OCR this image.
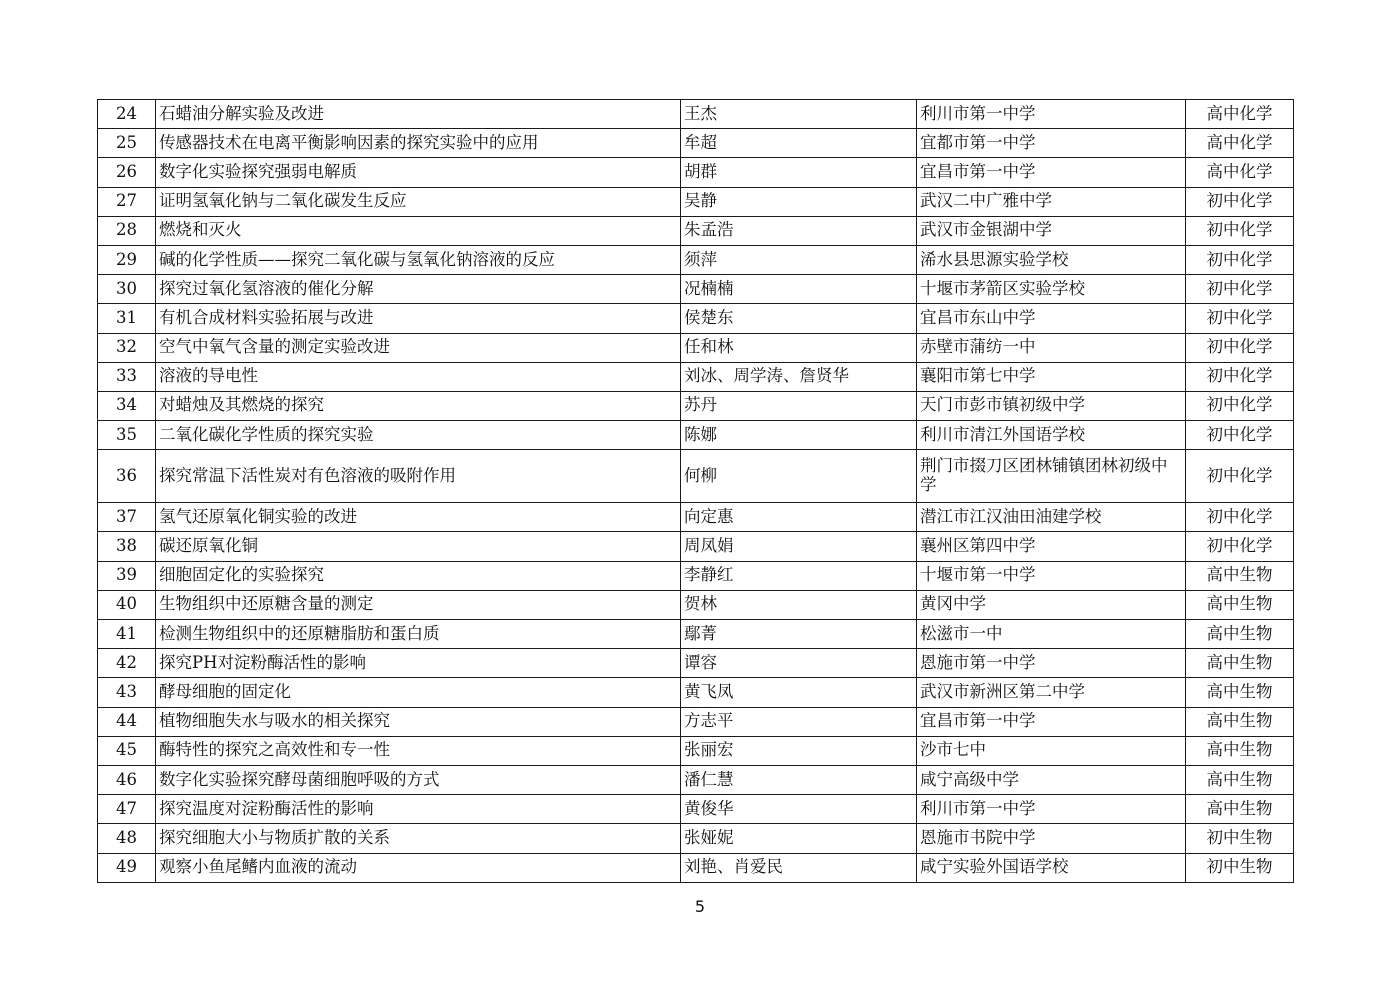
24	石蜡油分解实验及改进	王杰	利川市第一中学	高中化学
25	传感器技术在电离平衡影响因素的探究实验中的应用	牟超	宜都市第一中学	高中化学
26	数字化实验探究强弱电解质	胡群	宜昌市第一中学	高中化学
27	证明氢氧化钠与二氧化碳发生反应	吴静	武汉二中广雅中学	初中化学
28	燃烧和灭火	朱孟浩	武汉市金银湖中学	初中化学
29	碱的化学性质——探究二氧化碳与氢氧化钠溶液的反应	须萍	浠水县思源实验学校	初中化学
30	探究过氧化氢溶液的催化分解	况楠楠	十堰市茅箭区实验学校	初中化学
31	有机合成材料实验拓展与改进	侯楚东	宜昌市东山中学	初中化学
32	空气中氧气含量的测定实验改进	任和林	赤壁市蒲纺一中	初中化学
33	溶液的导电性	刘冰、周学涛、詹贤华	襄阳市第七中学	初中化学
34	对蜡烛及其燃烧的探究	苏丹	天门市彭市镇初级中学	初中化学
35	二氧化碳化学性质的探究实验	陈娜	利川市清江外国语学校	初中化学
36	探究常温下活性炭对有色溶液的吸附作用	何柳	荆门市掇刀区团林铺镇团林初级中学	初中化学
37	氢气还原氧化铜实验的改进	向定惠	潜江市江汉油田油建学校	初中化学
38	碳还原氧化铜	周凤娟	襄州区第四中学	初中化学
39	细胞固定化的实验探究	李静红	十堰市第一中学	高中生物
40	生物组织中还原糖含量的测定	贺林	黄冈中学	高中生物
41	检测生物组织中的还原糖脂肪和蛋白质	鄢菁	松滋市一中	高中生物
42	探究PH对淀粉酶活性的影响	谭容	恩施市第一中学	高中生物
43	酵母细胞的固定化	黄飞凤	武汉市新洲区第二中学	高中生物
44	植物细胞失水与吸水的相关探究	方志平	宜昌市第一中学	高中生物
45	酶特性的探究之高效性和专一性	张丽宏	沙市七中	高中生物
46	数字化实验探究酵母菌细胞呼吸的方式	潘仁慧	咸宁高级中学	高中生物
47	探究温度对淀粉酶活性的影响	黄俊华	利川市第一中学	高中生物
48	探究细胞大小与物质扩散的关系	张娅妮	恩施市书院中学	初中生物
49	观察小鱼尾鳍内血液的流动	刘艳、肖爱民	咸宁实验外国语学校	初中生物
5
